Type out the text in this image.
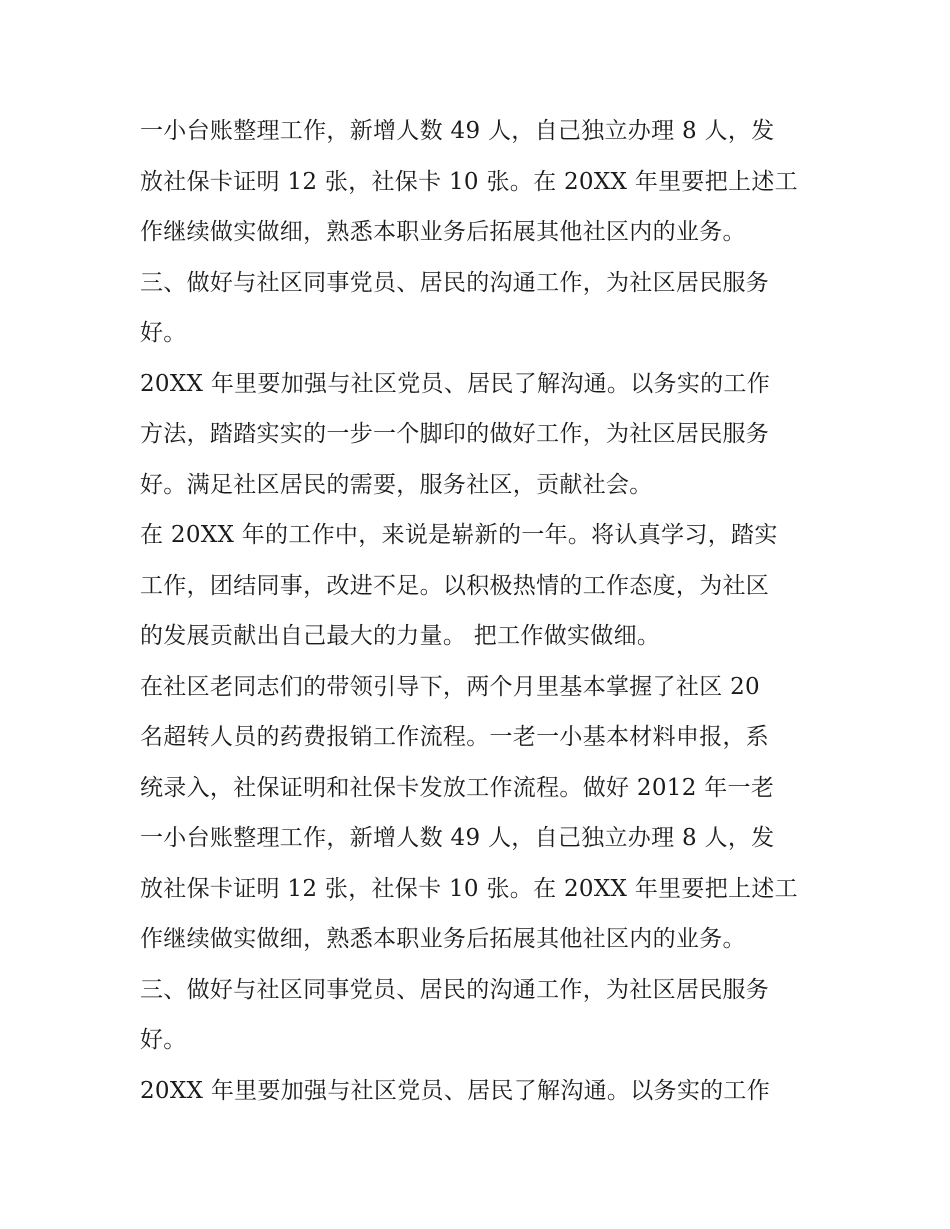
一小台账整理工作，新增人数 49 人，自己独立办理 8 人，发
放社保卡证明 12 张，社保卡 10 张。在 20XX 年里要把上述工
作继续做实做细，熟悉本职业务后拓展其他社区内的业务。
三、做好与社区同事党员、居民的沟通工作，为社区居民服务
好。
20XX 年里要加强与社区党员、居民了解沟通。以务实的工作
方法，踏踏实实的一步一个脚印的做好工作，为社区居民服务
好。满足社区居民的需要，服务社区，贡献社会。
在 20XX 年的工作中，来说是崭新的一年。将认真学习，踏实
工作，团结同事，改进不足。以积极热情的工作态度，为社区
的发展贡献出自己最大的力量。 把工作做实做细。
在社区老同志们的带领引导下，两个月里基本掌握了社区 20
名超转人员的药费报销工作流程。一老一小基本材料申报，系
统录入，社保证明和社保卡发放工作流程。做好 2012 年一老
一小台账整理工作，新增人数 49 人，自己独立办理 8 人，发
放社保卡证明 12 张，社保卡 10 张。在 20XX 年里要把上述工
作继续做实做细，熟悉本职业务后拓展其他社区内的业务。
三、做好与社区同事党员、居民的沟通工作，为社区居民服务
好。
20XX 年里要加强与社区党员、居民了解沟通。以务实的工作
